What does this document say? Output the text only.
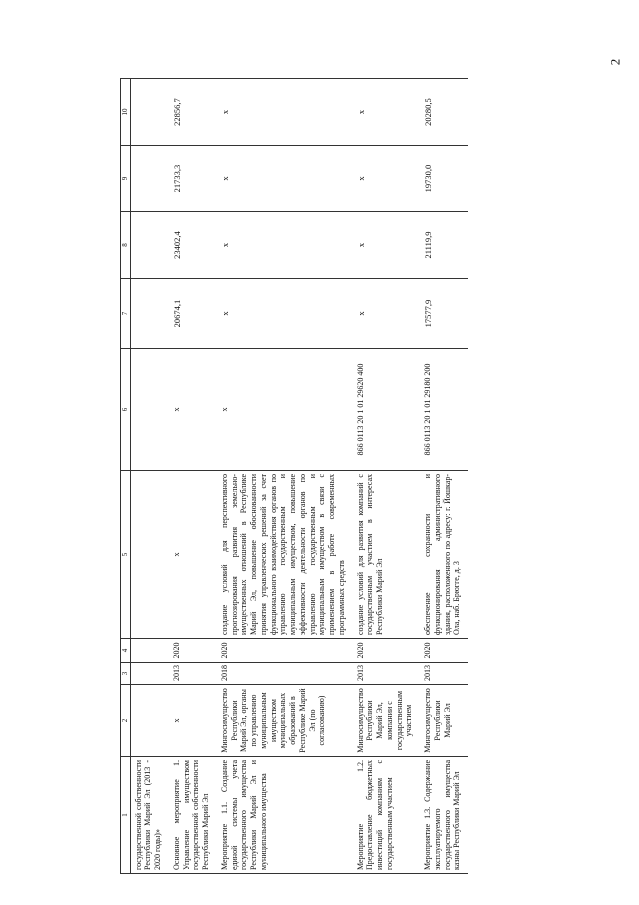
2
1	2	3	4	5	6	7	8	9	10
государственной собственности Республики Марий Эл (2013 - 2020 годы)»									
Основное мероприятие 1. Управление имуществом государственной собственности Республики Марий Эл	x	2013	2020	x	x	20674,1	23402,4	21733,3	22856,7
Мероприятие 1.1. Создание единой системы учета государственного имущества Республики Марий Эл и муниципального имущества	Мингосимущество Республики Марий Эл, органы по управлению муниципальным имуществом муниципальных образований в Республике Марий Эл (по согласованию)	2018	2020	создание условий для перспективного прогнозирования развития земельно-имущественных отношений в Республике Марий Эл, повышение обоснованности принятия управленческих решений за счет функционального взаимодействия органов по управлению государственным и муниципальным имуществом, повышение эффективности деятельности органов по управлению государственным и муниципальным имуществом в связи с применением в работе современных программных средств	x	x	x	x	x
Мероприятие 1.2. Предоставление бюджетных инвестиций компаниям с государственным участием	Мингосимущество Республики Марий Эл, компании с государственным участием	2013	2020	создание условий для развития компаний с государственным участием в интересах Республики Марий Эл	866 0113 20 1 01 29620 400	x	x	x	x
Мероприятие 1.3. Содержание эксплуатируемого государственного имущества казны Республики Марий Эл	Мингосимущество Республики Марий Эл	2013	2020	обеспечение сохранности и функционирования административного здания, расположенного по адресу: г. Йошкар-Ола, наб. Брюгге, д. 3	866 0113 20 1 01 29180 200	17577,9	21119,9	19730,0	20280,5
